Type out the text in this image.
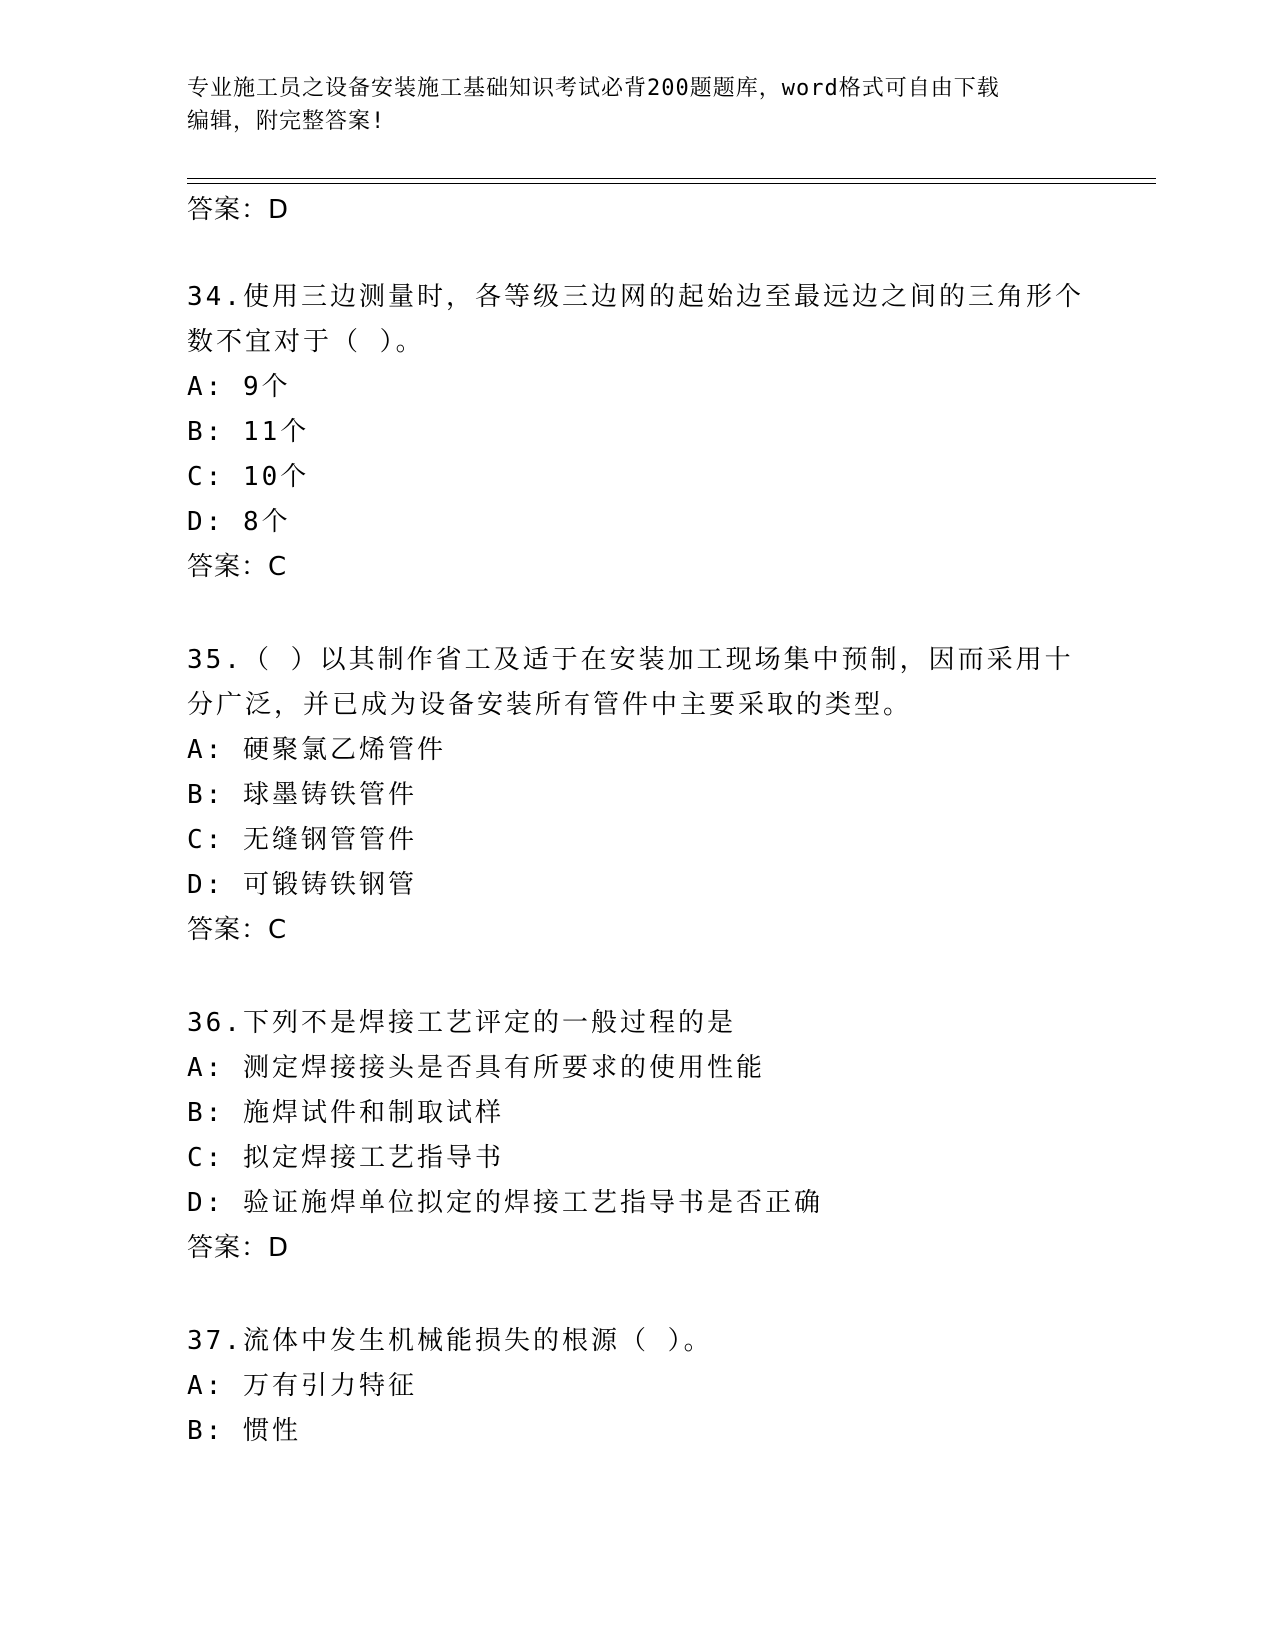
专业施工员之设备安装施工基础知识考试必背200题题库，word格式可自由下载
编辑，附完整答案!
答案：D
34.使用三边测量时，各等级三边网的起始边至最远边之间的三角形个
数不宜对于（ ）。
A: 9个
B: 11个
C: 10个
D: 8个
答案：C
35.（ ）以其制作省工及适于在安装加工现场集中预制，因而采用十
分广泛，并已成为设备安装所有管件中主要采取的类型。
A: 硬聚氯乙烯管件
B: 球墨铸铁管件
C: 无缝钢管管件
D: 可锻铸铁钢管
答案：C
36.下列不是焊接工艺评定的一般过程的是
A: 测定焊接接头是否具有所要求的使用性能
B: 施焊试件和制取试样
C: 拟定焊接工艺指导书
D: 验证施焊单位拟定的焊接工艺指导书是否正确
答案：D
37.流体中发生机械能损失的根源（ ）。
A: 万有引力特征
B: 惯性
